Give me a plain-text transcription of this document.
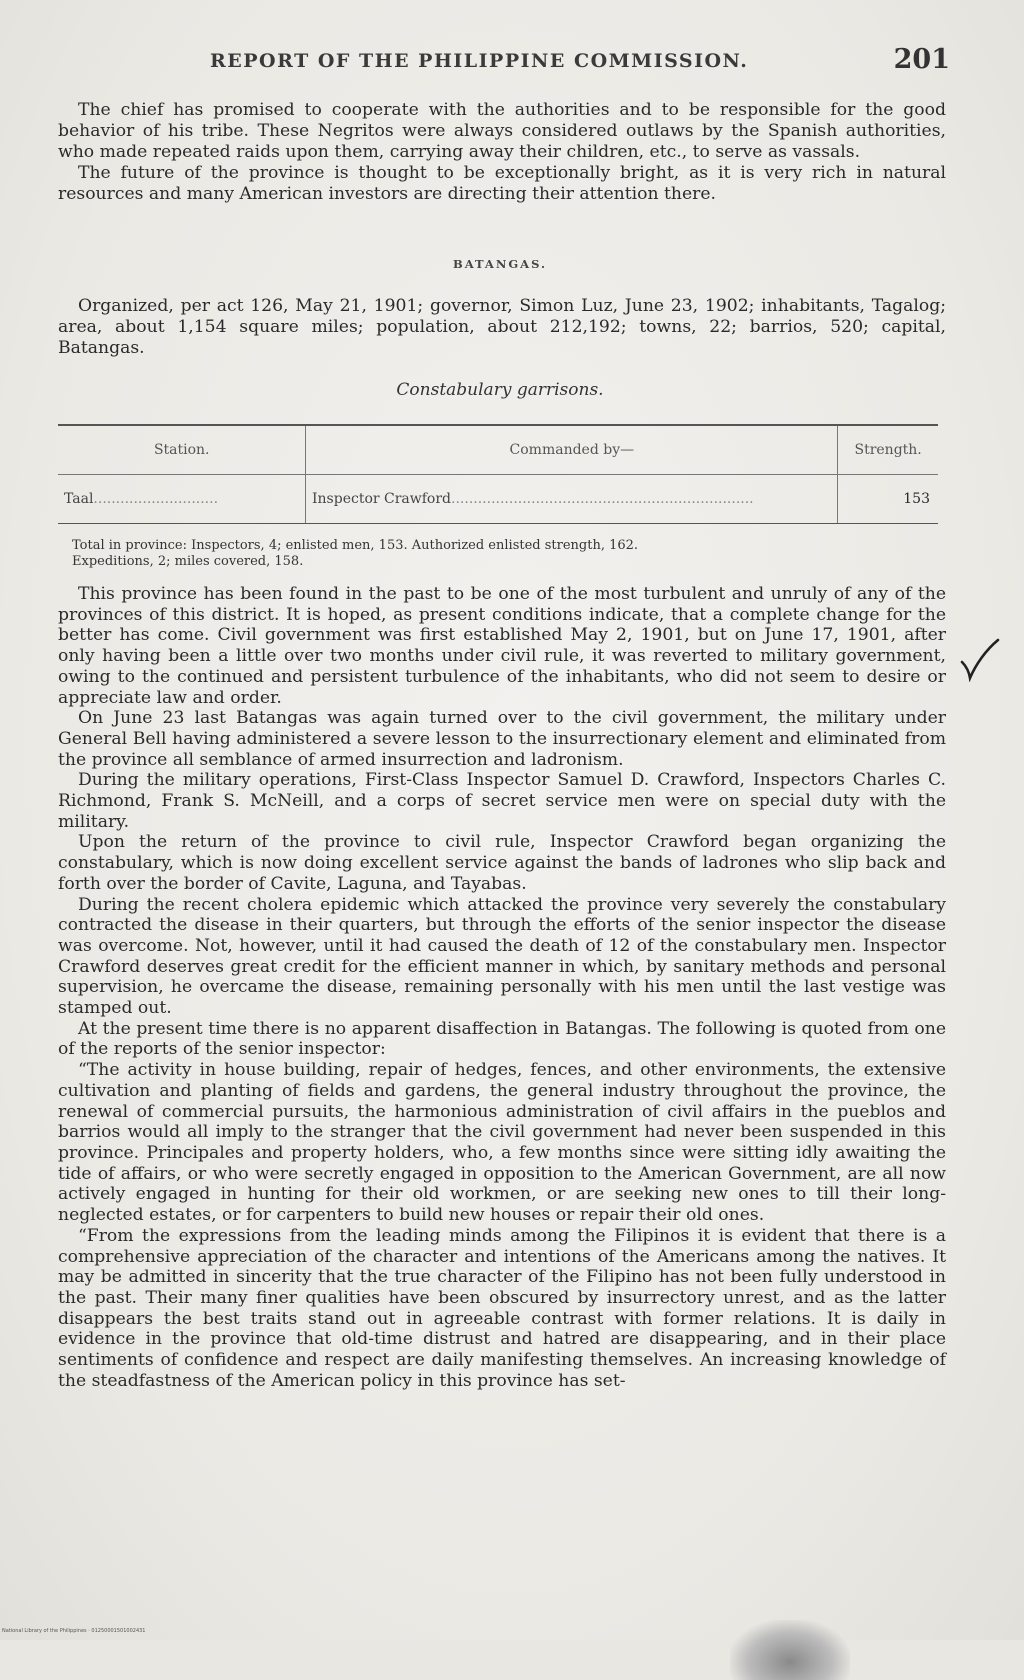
REPORT OF THE PHILIPPINE COMMISSION.	201

The chief has promised to cooperate with the authorities and to be responsible for the good behavior of his tribe. These Negritos were always considered outlaws by the Spanish authorities, who made repeated raids upon them, carrying away their children, etc., to serve as vassals.

The future of the province is thought to be exceptionally bright, as it is very rich in natural resources and many American investors are directing their attention there.

BATANGAS.

Organized, per act 126, May 21, 1901; governor, Simon Luz, June 23, 1902; inhabitants, Tagalog; area, about 1,154 square miles; population, about 212,192; towns, 22; barrios, 520; capital, Batangas.

Constabulary garrisons.
Station.	Commanded by—	Strength.
Taal ............................	Inspector Crawford ....................................................................	153
Total in province: Inspectors, 4; enlisted men, 153. Authorized enlisted strength, 162.
Expeditions, 2; miles covered, 158.

This province has been found in the past to be one of the most turbulent and unruly of any of the provinces of this district. It is hoped, as present conditions indicate, that a complete change for the better has come. Civil government was first established May 2, 1901, but on June 17, 1901, after only having been a little over two months under civil rule, it was reverted to military government, owing to the continued and persistent turbulence of the inhabitants, who did not seem to desire or appreciate law and order.

On June 23 last Batangas was again turned over to the civil government, the military under General Bell having administered a severe lesson to the insurrectionary element and eliminated from the province all semblance of armed insurrection and ladronism.

During the military operations, First-Class Inspector Samuel D. Crawford, Inspectors Charles C. Richmond, Frank S. McNeill, and a corps of secret service men were on special duty with the military.

Upon the return of the province to civil rule, Inspector Crawford began organizing the constabulary, which is now doing excellent service against the bands of ladrones who slip back and forth over the border of Cavite, Laguna, and Tayabas.

During the recent cholera epidemic which attacked the province very severely the constabulary contracted the disease in their quarters, but through the efforts of the senior inspector the disease was overcome. Not, however, until it had caused the death of 12 of the constabulary men. Inspector Crawford deserves great credit for the efficient manner in which, by sanitary methods and personal supervision, he overcame the disease, remaining personally with his men until the last vestige was stamped out.

At the present time there is no apparent disaffection in Batangas. The following is quoted from one of the reports of the senior inspector:

“The activity in house building, repair of hedges, fences, and other environments, the extensive cultivation and planting of fields and gardens, the general industry throughout the province, the renewal of commercial pursuits, the harmonious administration of civil affairs in the pueblos and barrios would all imply to the stranger that the civil government had never been suspended in this province. Principales and property holders, who, a few months since were sitting idly awaiting the tide of affairs, or who were secretly engaged in opposition to the American Government, are all now actively engaged in hunting for their old workmen, or are seeking new ones to till their long-neglected estates, or for carpenters to build new houses or repair their old ones.

“From the expressions from the leading minds among the Filipinos it is evident that there is a comprehensive appreciation of the character and intentions of the Americans among the natives. It may be admitted in sincerity that the true character of the Filipino has not been fully understood in the past. Their many finer qualities have been obscured by insurrectory unrest, and as the latter disappears the best traits stand out in agreeable contrast with former relations. It is daily in evidence in the province that old-time distrust and hatred are disappearing, and in their place sentiments of confidence and respect are daily manifesting themselves. An increasing knowledge of the steadfastness of the American policy in this province has set-

National Library of the Philippines · 01250001501002431
